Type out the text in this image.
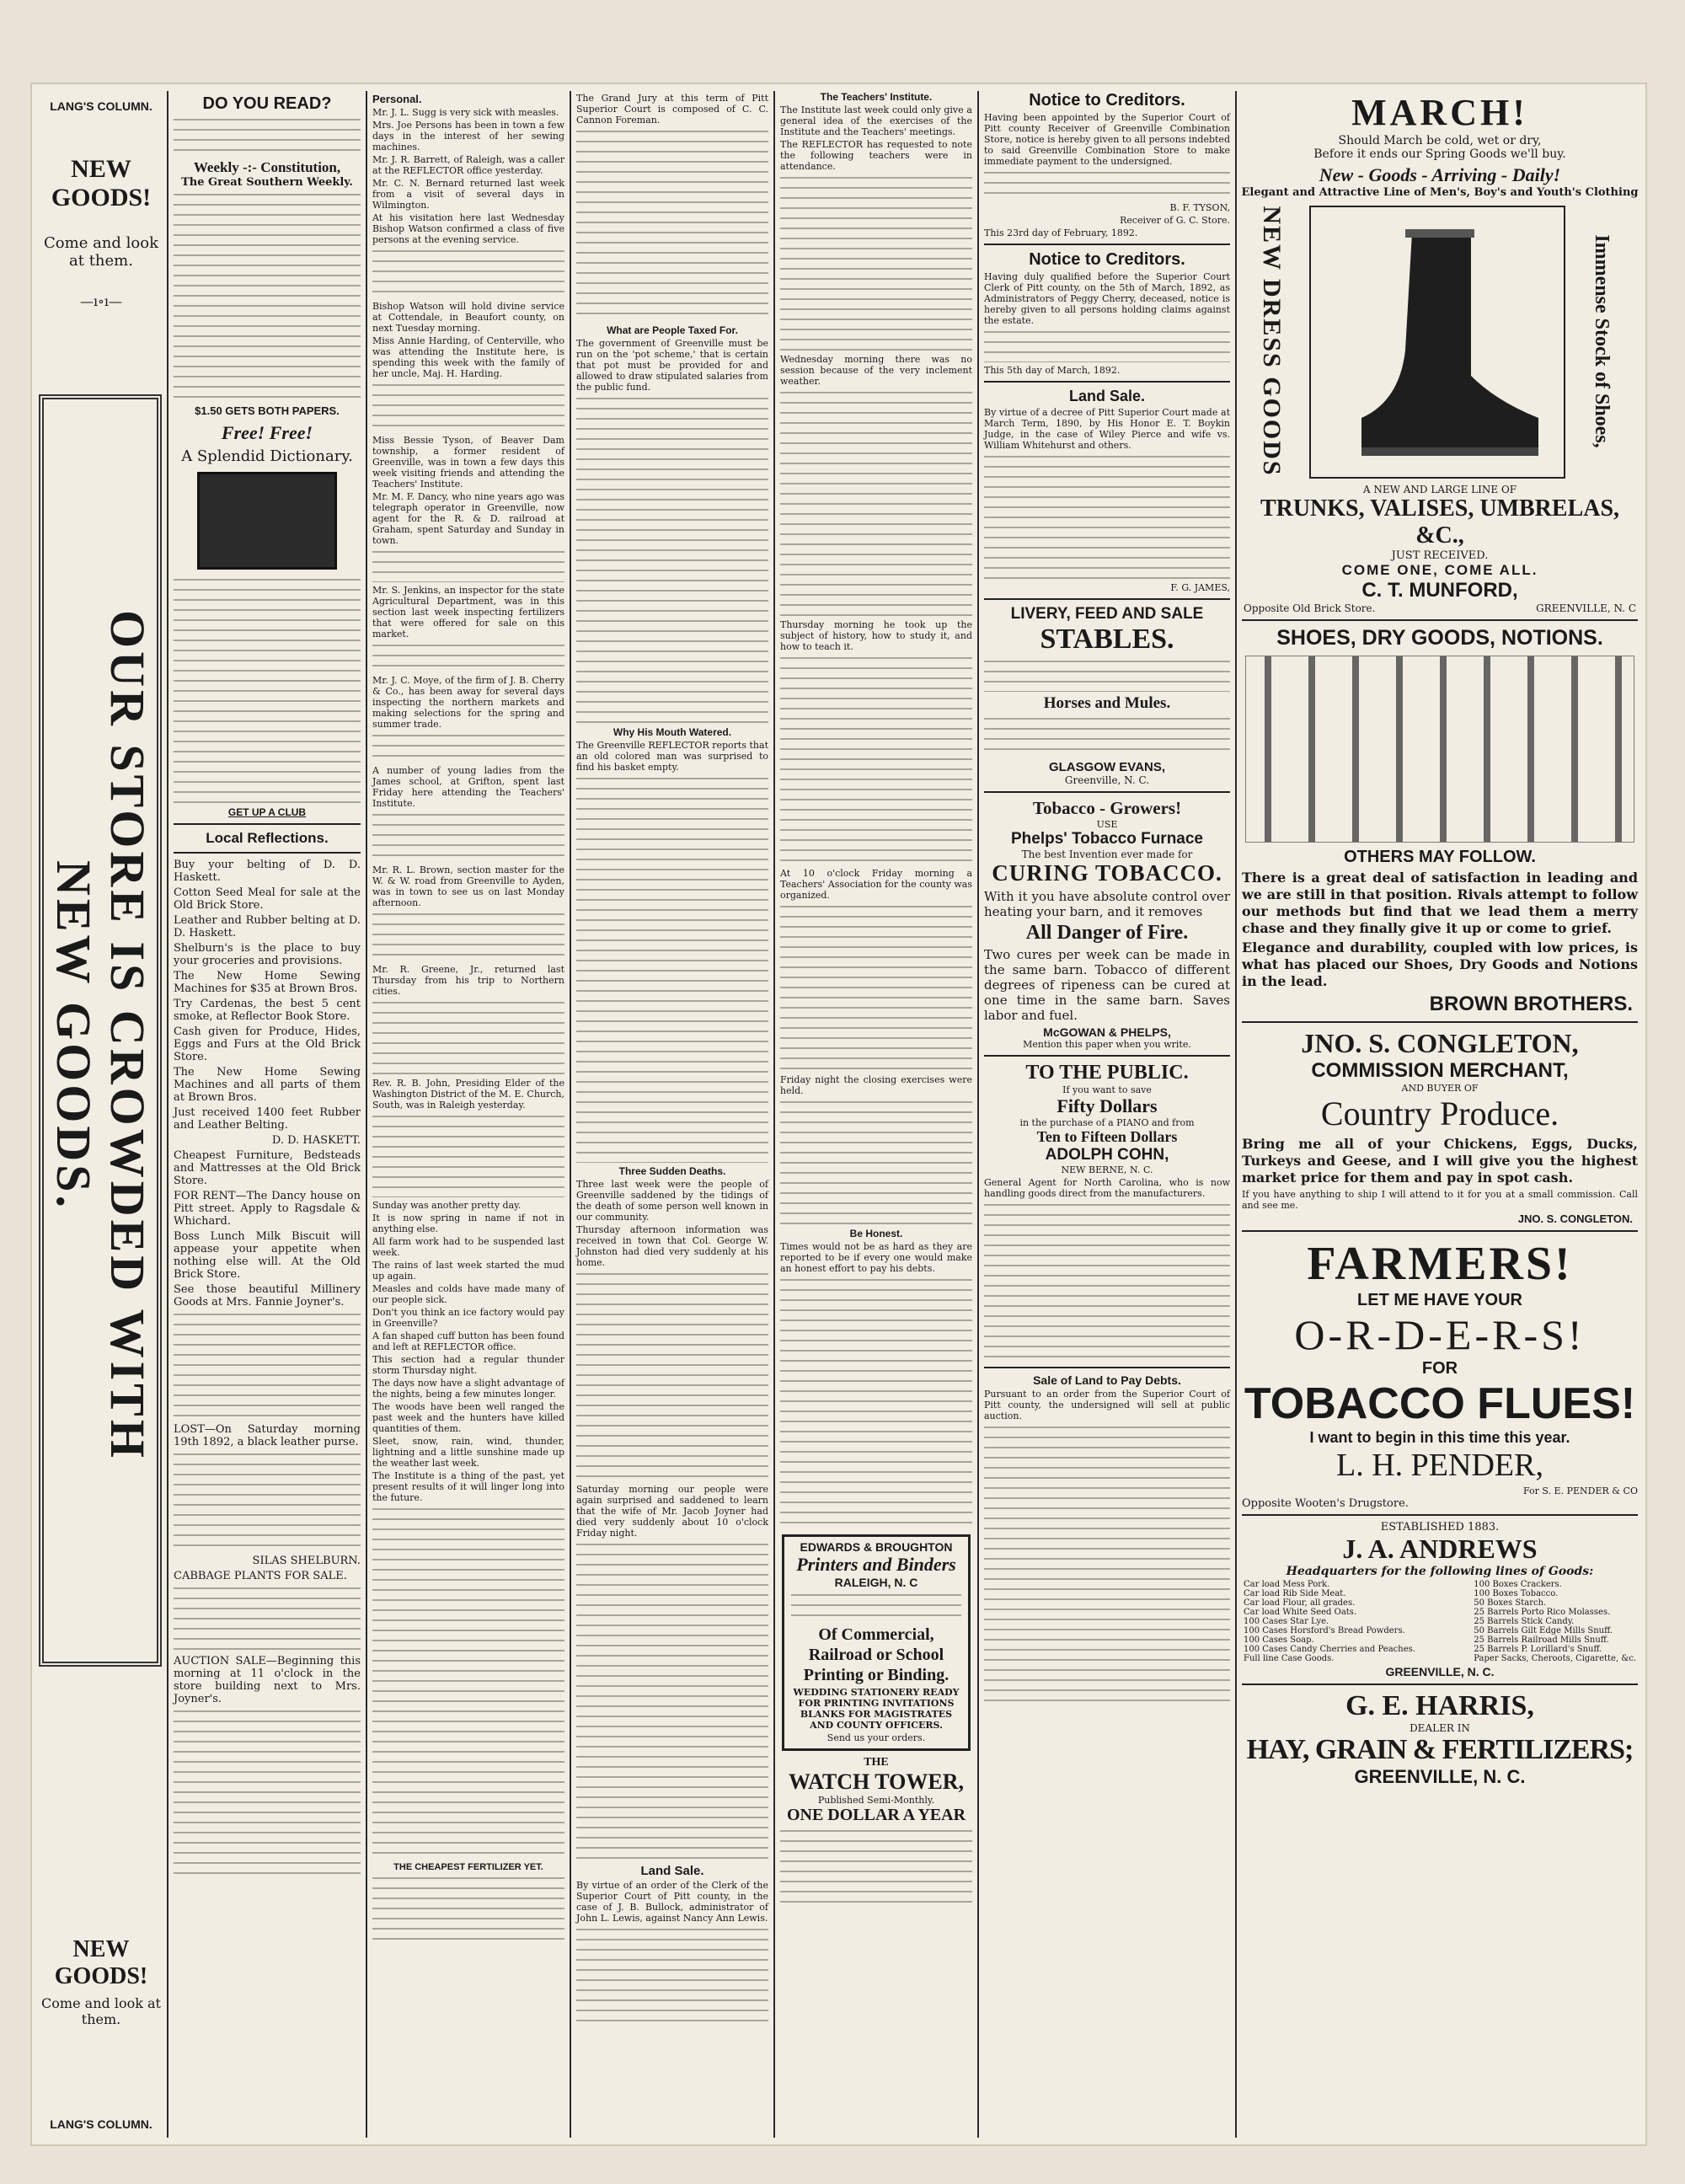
LANG'S COLUMN.
NEW GOODS!
Come and look at them.
—ı∘ı—
OUR STORE IS CROWDED WITH
NEW GOODS.
NEW GOODS!
Come and look at them.
LANG'S COLUMN.
DO YOU READ?
Weekly -:- Constitution,
The Great Southern Weekly.
$1.50 GETS BOTH PAPERS.
Free! Free!
A Splendid Dictionary.
GET UP A CLUB
Local Reflections.
Buy your belting of D. D. Haskett.
Cotton Seed Meal for sale at the Old Brick Store.
Leather and Rubber belting at D. D. Haskett.
Shelburn's is the place to buy your groceries and provisions.
The New Home Sewing Machines for $35 at Brown Bros.
Try Cardenas, the best 5 cent smoke, at Reflector Book Store.
Cash given for Produce, Hides, Eggs and Furs at the Old Brick Store.
The New Home Sewing Machines and all parts of them at Brown Bros.
Just received 1400 feet Rubber and Leather Belting.
D. D. HASKETT.
Cheapest Furniture, Bedsteads and Mattresses at the Old Brick Store.
FOR RENT—The Dancy house on Pitt street. Apply to Ragsdale & Whichard.
Boss Lunch Milk Biscuit will appease your appetite when nothing else will. At the Old Brick Store.
See those beautiful Millinery Goods at Mrs. Fannie Joyner's.
LOST—On Saturday morning 19th 1892, a black leather purse.
SILAS SHELBURN.
CABBAGE PLANTS FOR SALE.
AUCTION SALE—Beginning this morning at 11 o'clock in the store building next to Mrs. Joyner's.
Personal.
Mr. J. L. Sugg is very sick with measles.
Mrs. Joe Persons has been in town a few days in the interest of her sewing machines.
Mr. J. R. Barrett, of Raleigh, was a caller at the REFLECTOR office yesterday.
Mr. C. N. Bernard returned last week from a visit of several days in Wilmington.
At his visitation here last Wednesday Bishop Watson confirmed a class of five persons at the evening service.
Bishop Watson will hold divine service at Cottendale, in Beaufort county, on next Tuesday morning.
Miss Annie Harding, of Centerville, who was attending the Institute here, is spending this week with the family of her uncle, Maj. H. Harding.
Miss Bessie Tyson, of Beaver Dam township, a former resident of Greenville, was in town a few days this week visiting friends and attending the Teachers' Institute.
Mr. M. F. Dancy, who nine years ago was telegraph operator in Greenville, now agent for the R. & D. railroad at Graham, spent Saturday and Sunday in town.
Mr. S. Jenkins, an inspector for the state Agricultural Department, was in this section last week inspecting fertilizers that were offered for sale on this market.
Mr. J. C. Moye, of the firm of J. B. Cherry & Co., has been away for several days inspecting the northern markets and making selections for the spring and summer trade.
A number of young ladies from the James school, at Grifton, spent last Friday here attending the Teachers' Institute.
Mr. R. L. Brown, section master for the W. & W. road from Greenville to Ayden, was in town to see us on last Monday afternoon.
Mr. R. Greene, Jr., returned last Thursday from his trip to Northern cities.
Rev. R. B. John, Presiding Elder of the Washington District of the M. E. Church, South, was in Raleigh yesterday.
Sunday was another pretty day.
It is now spring in name if not in anything else.
All farm work had to be suspended last week.
The rains of last week started the mud up again.
Measles and colds have made many of our people sick.
Don't you think an ice factory would pay in Greenville?
A fan shaped cuff button has been found and left at REFLECTOR office.
This section had a regular thunder storm Thursday night.
The days now have a slight advantage of the nights, being a few minutes longer.
The woods have been well ranged the past week and the hunters have killed quantities of them.
Sleet, snow, rain, wind, thunder, lightning and a little sunshine made up the weather last week.
The Institute is a thing of the past, yet present results of it will linger long into the future.
THE CHEAPEST FERTILIZER YET.
The Grand Jury at this term of Pitt Superior Court is composed of C. C. Cannon Foreman.
What are People Taxed For.
The government of Greenville must be run on the 'pot scheme,' that is certain that pot must be provided for and allowed to draw stipulated salaries from the public fund.
Why His Mouth Watered.
The Greenville REFLECTOR reports that an old colored man was surprised to find his basket empty.
Three Sudden Deaths.
Three last week were the people of Greenville saddened by the tidings of the death of some person well known in our community.
Thursday afternoon information was received in town that Col. George W. Johnston had died very suddenly at his home.
Saturday morning our people were again surprised and saddened to learn that the wife of Mr. Jacob Joyner had died very suddenly about 10 o'clock Friday night.
Land Sale.
By virtue of an order of the Clerk of the Superior Court of Pitt county, in the case of J. B. Bullock, administrator of John L. Lewis, against Nancy Ann Lewis.
The Teachers' Institute.
The Institute last week could only give a general idea of the exercises of the Institute and the Teachers' meetings.
The REFLECTOR has requested to note the following teachers were in attendance.
Wednesday morning there was no session because of the very inclement weather.
Thursday morning he took up the subject of history, how to study it, and how to teach it.
At 10 o'clock Friday morning a Teachers' Association for the county was organized.
Friday night the closing exercises were held.
Be Honest.
Times would not be as hard as they are reported to be if every one would make an honest effort to pay his debts.
EDWARDS & BROUGHTON
Printers and Binders
RALEIGH, N. C
Of Commercial, Railroad or School Printing or Binding.
WEDDING STATIONERY READY FOR PRINTING INVITATIONS BLANKS FOR MAGISTRATES AND COUNTY OFFICERS.
Send us your orders.
THE
WATCH TOWER,
Published Semi-Monthly.
ONE DOLLAR A YEAR
Notice to Creditors.
Having been appointed by the Superior Court of Pitt county Receiver of Greenville Combination Store, notice is hereby given to all persons indebted to said Greenville Combination Store to make immediate payment to the undersigned.
B. F. TYSON,
Receiver of G. C. Store.
This 23rd day of February, 1892.
Notice to Creditors.
Having duly qualified before the Superior Court Clerk of Pitt county, on the 5th of March, 1892, as Administrators of Peggy Cherry, deceased, notice is hereby given to all persons holding claims against the estate.
This 5th day of March, 1892.
Land Sale.
By virtue of a decree of Pitt Superior Court made at March Term, 1890, by His Honor E. T. Boykin Judge, in the case of Wiley Pierce and wife vs. William Whitehurst and others.
F. G. JAMES,
LIVERY, FEED AND SALE
STABLES.
Horses and Mules.
GLASGOW EVANS,
Greenville, N. C.
Tobacco - Growers!
USE
Phelps' Tobacco Furnace
The best Invention ever made for
CURING TOBACCO.
With it you have absolute control over heating your barn, and it removes
All Danger of Fire.
Two cures per week can be made in the same barn. Tobacco of different degrees of ripeness can be cured at one time in the same barn. Saves labor and fuel.
McGOWAN & PHELPS,
Mention this paper when you write.
TO THE PUBLIC.
If you want to save
Fifty Dollars
in the purchase of a PIANO and from
Ten to Fifteen Dollars
ADOLPH COHN,
NEW BERNE, N. C.
General Agent for North Carolina, who is now handling goods direct from the manufacturers.
Sale of Land to Pay Debts.
Pursuant to an order from the Superior Court of Pitt county, the undersigned will sell at public auction.
MARCH!
Should March be cold, wet or dry,
Before it ends our Spring Goods we'll buy.
New - Goods - Arriving - Daily!
Elegant and Attractive Line of Men's, Boy's and Youth's Clothing
NEW DRESS GOODS	Immense Stock of Shoes,
A NEW AND LARGE LINE OF
TRUNKS, VALISES, UMBRELAS, &C.,
JUST RECEIVED.
COME ONE, COME ALL.
C. T. MUNFORD,
Opposite Old Brick Store.	GREENVILLE, N. C
SHOES, DRY GOODS, NOTIONS.
OTHERS MAY FOLLOW.
There is a great deal of satisfaction in leading and we are still in that position. Rivals attempt to follow our methods but find that we lead them a merry chase and they finally give it up or come to grief.
Elegance and durability, coupled with low prices, is what has placed our Shoes, Dry Goods and Notions in the lead.
BROWN BROTHERS.
JNO. S. CONGLETON,
COMMISSION MERCHANT,
AND BUYER OF
Country Produce.
Bring me all of your Chickens, Eggs, Ducks, Turkeys and Geese, and I will give you the highest market price for them and pay in spot cash.
If you have anything to ship I will attend to it for you at a small commission. Call and see me.
JNO. S. CONGLETON.
FARMERS!
LET ME HAVE YOUR
O-R-D-E-R-S!
FOR
TOBACCO FLUES!
I want to begin in this time this year.
L. H. PENDER,
For S. E. PENDER & CO
Opposite Wooten's Drugstore.
ESTABLISHED 1883.
J. A. ANDREWS
Headquarters for the following lines of Goods:
Car load Mess Pork.
Car load Rib Side Meat.
Car load Flour, all grades.
Car load White Seed Oats.
100 Cases Star Lye.
100 Cases Horsford's Bread Powders.
100 Cases Soap.
100 Cases Candy Cherries and Peaches.
Full line Case Goods.
100 Boxes Crackers.
100 Boxes Tobacco.
50 Boxes Starch.
25 Barrels Porto Rico Molasses.
25 Barrels Stick Candy.
50 Barrels Gilt Edge Mills Snuff.
25 Barrels Railroad Mills Snuff.
25 Barrels P. Lorillard's Snuff.
Paper Sacks, Cheroots, Cigarette, &c.
GREENVILLE, N. C.
G. E. HARRIS,
DEALER IN
HAY, GRAIN & FERTILIZERS;
GREENVILLE, N. C.
